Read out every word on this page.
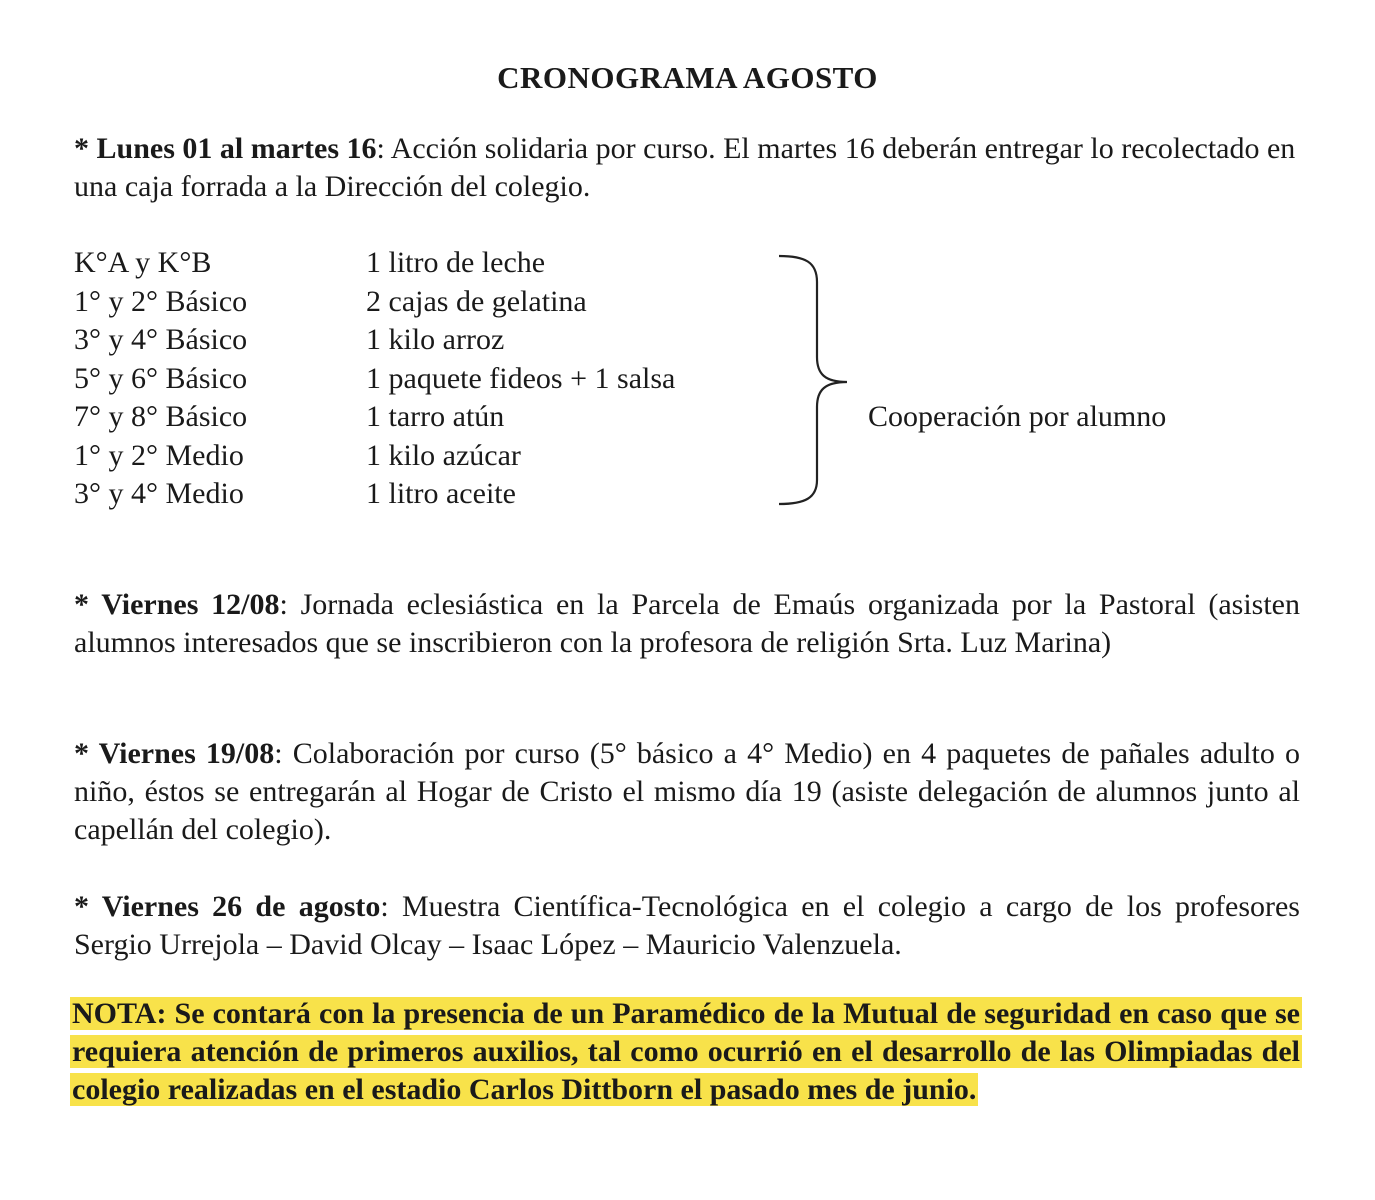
CRONOGRAMA AGOSTO
* Lunes 01 al martes 16: Acción solidaria por curso. El martes 16 deberán entregar lo recolectado en una caja forrada a la Dirección del colegio.
K°A y K°B	1 litro de leche
1° y 2° Básico	2 cajas de gelatina
3° y 4° Básico	1 kilo arroz
5° y 6° Básico	1 paquete fideos + 1 salsa
7° y 8° Básico	1 tarro atún
1° y 2° Medio	1 kilo azúcar
3° y 4° Medio	1 litro aceite
Cooperación por alumno
* Viernes 12/08: Jornada eclesiástica en la Parcela de Emaús organizada por la Pastoral (asisten alumnos interesados que se inscribieron con la profesora de religión Srta. Luz Marina)
* Viernes 19/08: Colaboración por curso (5° básico a 4° Medio) en 4 paquetes de pañales adulto o niño, éstos se entregarán al Hogar de Cristo el mismo día 19 (asiste delegación de alumnos junto al capellán del colegio).
* Viernes 26 de agosto: Muestra Científica-Tecnológica en el colegio a cargo de los profesores Sergio Urrejola – David Olcay – Isaac López – Mauricio Valenzuela.
NOTA: Se contará con la presencia de un Paramédico de la Mutual de seguridad en caso que se requiera atención de primeros auxilios, tal como ocurrió en el desarrollo de las Olimpiadas del colegio realizadas en el estadio Carlos Dittborn el pasado mes de junio.
